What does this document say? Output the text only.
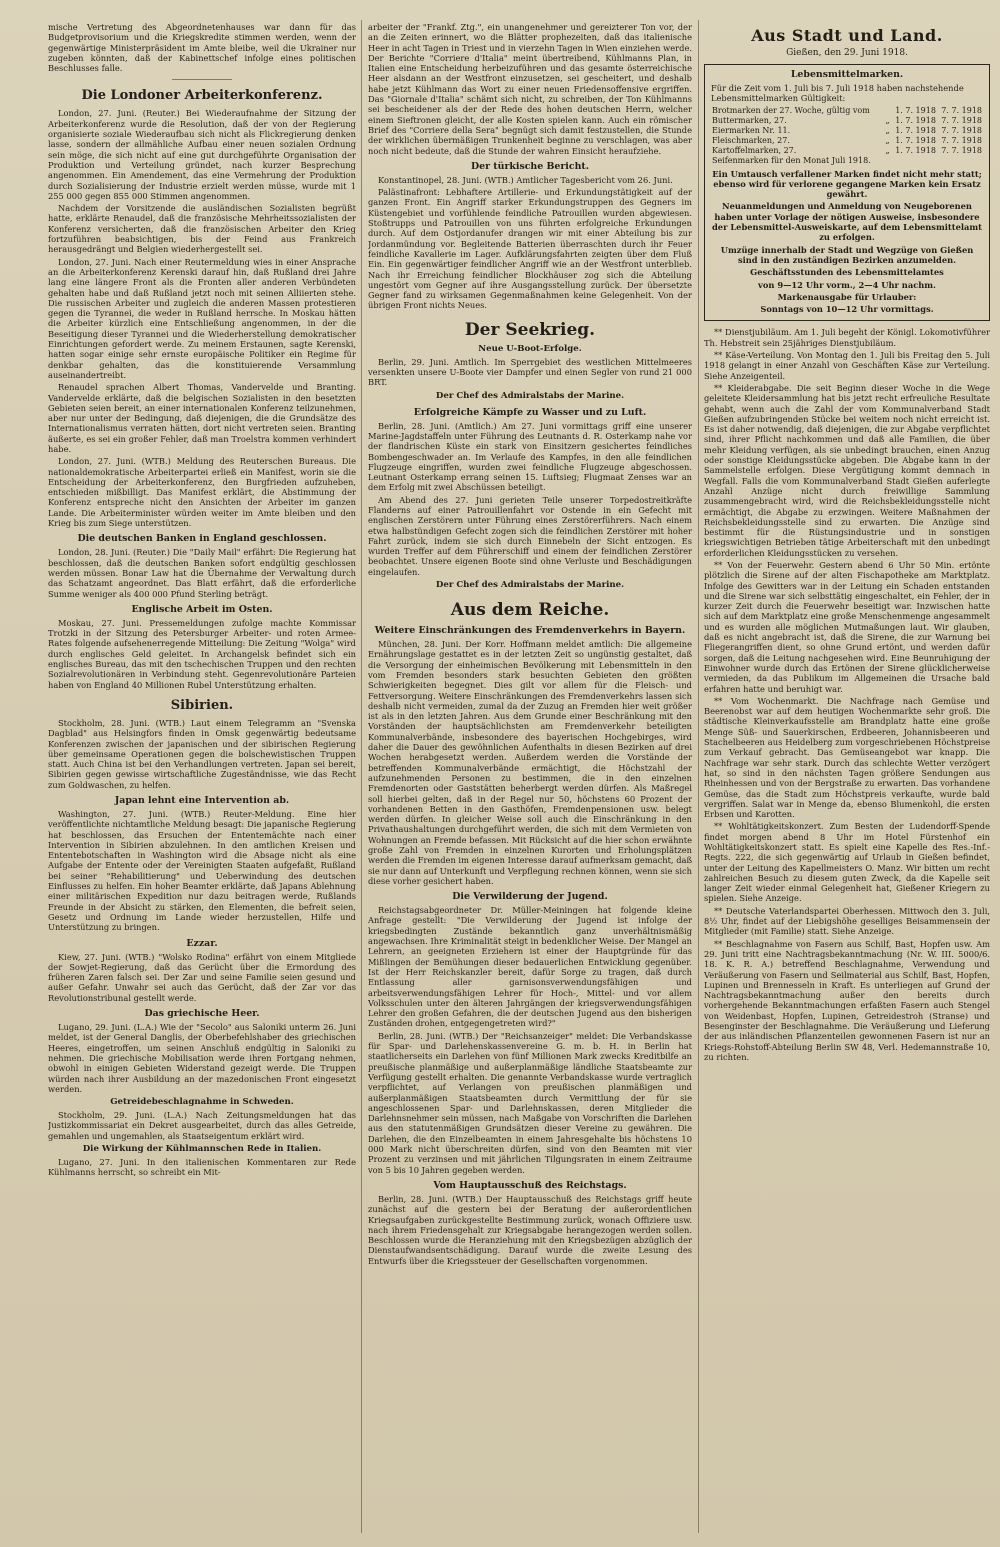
mische Vertretung des Abgeordnetenhauses war dann für das Budgetprovisorium und die Kriegskredite stimmen werden, wenn der gegenwärtige Ministerpräsident im Amte bleibe, weil die Ukrainer nur zugeben könnten, daß der Kabinettschef infolge eines politischen Beschlusses falle.

Die Londoner Arbeiterkonferenz.

London, 27. Juni. (Reuter.) Bei Wiederaufnahme der Sitzung der Arbeiterkonferenz wurde die Resolution, daß der von der Regierung organisierte soziale Wiederaufbau sich nicht als Flickregierung denken lasse, sondern der allmähliche Aufbau einer neuen sozialen Ordnung sein möge, die sich nicht auf eine gut durchgeführte Organisation der Produktion und Verteilung gründet, nach kurzer Besprechung angenommen. Ein Amendement, das eine Vermehrung der Produktion durch Sozialisierung der Industrie erzielt werden müsse, wurde mit 1 255 000 gegen 855 000 Stimmen angenommen.

Nachdem der Vorsitzende die ausländischen Sozialisten begrüßt hatte, erklärte Renaudel, daß die französische Mehrheitssozialisten der Konferenz versicherten, daß die französischen Arbeiter den Krieg fortzuführen beabsichtigen, bis der Feind aus Frankreich herausgedrängt und Belgien wiederhergestellt sei.

London, 27. Juni. Nach einer Reutermeldung wies in einer Ansprache an die Arbeiterkonferenz Kerenski darauf hin, daß Rußland drei Jahre lang eine längere Front als die Fronten aller anderen Verbündeten gehalten habe und daß Rußland jetzt noch mit seinen Alliierten stehe. Die russischen Arbeiter und zugleich die anderen Massen protestieren gegen die Tyrannei, die weder in Rußland herrsche. In Moskau hätten die Arbeiter kürzlich eine Entschließung angenommen, in der die Beseitigung dieser Tyrannei und die Wiederherstellung demokratischer Einrichtungen gefordert werde. Zu meinem Erstaunen, sagte Kerenski, hatten sogar einige sehr ernste europäische Politiker ein Regime für denkbar gehalten, das die konstituierende Versammlung auseinandertreibt.

Renaudel sprachen Albert Thomas, Vandervelde und Branting. Vandervelde erklärte, daß die belgischen Sozialisten in den besetzten Gebieten seien bereit, an einer internationalen Konferenz teilzunehmen, aber nur unter der Bedingung, daß diejenigen, die die Grundsätze des Internationalismus verraten hätten, dort nicht vertreten seien. Branting äußerte, es sei ein großer Fehler, daß man Troelstra kommen verhindert habe.

London, 27. Juni. (WTB.) Meldung des Reuterschen Bureaus. Die nationaldemokratische Arbeiterpartei erließ ein Manifest, worin sie die Entscheidung der Arbeiterkonferenz, den Burgfrieden aufzuheben, entschieden mißbilligt. Das Manifest erklärt, die Abstimmung der Konferenz entspreche nicht den Ansichten der Arbeiter im ganzen Lande. Die Arbeiterminister würden weiter im Amte bleiben und den Krieg bis zum Siege unterstützen.

Die deutschen Banken in England geschlossen.

London, 28. Juni. (Reuter.) Die "Daily Mail" erfährt: Die Regierung hat beschlossen, daß die deutschen Banken sofort endgültig geschlossen werden müssen. Bonar Law hat die Übernahme der Verwaltung durch das Schatzamt angeordnet. Das Blatt erfährt, daß die erforderliche Summe weniger als 400 000 Pfund Sterling beträgt.

Englische Arbeit im Osten.

Moskau, 27. Juni. Pressemeldungen zufolge machte Kommissar Trotzki in der Sitzung des Petersburger Arbeiter- und roten Armee-Rates folgende aufsehenerregende Mitteilung: Die Zeitung "Wolga" wird durch englisches Geld geleitet. In Archangelsk befindet sich ein englisches Bureau, das mit den tschechischen Truppen und den rechten Sozialrevolutionären in Verbindung steht. Gegenrevolutionäre Parteien haben von England 40 Millionen Rubel Unterstützung erhalten.

Sibirien.

Stockholm, 28. Juni. (WTB.) Laut einem Telegramm an "Svenska Dagblad" aus Helsingfors finden in Omsk gegenwärtig bedeutsame Konferenzen zwischen der japanischen und der sibirischen Regierung über gemeinsame Operationen gegen die bolschewistischen Truppen statt. Auch China ist bei den Verhandlungen vertreten. Japan sei bereit, Sibirien gegen gewisse wirtschaftliche Zugeständnisse, wie das Recht zum Goldwaschen, zu helfen.

Japan lehnt eine Intervention ab.

Washington, 27. Juni. (WTB.) Reuter-Meldung. Eine hier veröffentlichte nichtamtliche Meldung besagt: Die japanische Regierung hat beschlossen, das Ersuchen der Ententemächte nach einer Intervention in Sibirien abzulehnen. In den amtlichen Kreisen und Ententebotschaften in Washington wird die Absage nicht als eine Aufgabe der Entente oder der Vereinigten Staaten aufgefaßt, Rußland bei seiner "Rehabilitierung" und Ueberwindung des deutschen Einflusses zu helfen. Ein hoher Beamter erklärte, daß Japans Ablehnung einer militärischen Expedition nur dazu beitragen werde, Rußlands Freunde in der Absicht zu stärken, den Elementen, die befreit seien, Gesetz und Ordnung im Lande wieder herzustellen, Hilfe und Unterstützung zu bringen.

Ezzar.

Kiew, 27. Juni. (WTB.) "Wolsko Rodina" erfährt von einem Mitgliede der Sowjet-Regierung, daß das Gerücht über die Ermordung des früheren Zaren falsch sei. Der Zar und seine Familie seien gesund und außer Gefahr. Unwahr sei auch das Gerücht, daß der Zar vor das Revolutionstribunal gestellt werde.

Das griechische Heer.

Lugano, 29. Juni. (L.A.) Wie der "Secolo" aus Saloniki unterm 26. Juni meldet, ist der General Danglis, der Oberbefehlshaber des griechischen Heeres, eingetroffen, um seinen Anschluß endgültig in Saloniki zu nehmen. Die griechische Mobilisation werde ihren Fortgang nehmen, obwohl in einigen Gebieten Widerstand gezeigt werde. Die Truppen würden nach ihrer Ausbildung an der mazedonischen Front eingesetzt werden.

Getreidebeschlagnahme in Schweden.

Stockholm, 29. Juni. (L.A.) Nach Zeitungsmeldungen hat das Justizkommissariat ein Dekret ausgearbeitet, durch das alles Getreide, gemahlen und ungemahlen, als Staatseigentum erklärt wird.

Die Wirkung der Kühlmannschen Rede in Italien.

Lugano, 27. Juni. In den italienischen Kommentaren zur Rede Kühlmanns herrscht, so schreibt ein Mit-

arbeiter der "Frankf. Ztg.", ein unangenehmer und gereizterer Ton vor, der an die Zeiten erinnert, wo die Blätter prophezeiten, daß das italienische Heer in acht Tagen in Triest und in vierzehn Tagen in Wien einziehen werde. Der Berichte "Corriere d'Italia" meint übertreibend, Kühlmanns Plan, in Italien eine Entscheidung herbeizuführen und das gesamte österreichische Heer alsdann an der Westfront einzusetzen, sei gescheitert, und deshalb habe jetzt Kühlmann das Wort zu einer neuen Friedensoffensive ergriffen. Das "Giornale d'Italia" schämt sich nicht, zu schreiben, der Ton Kühlmanns sei bescheidener als der der Rede des hohen deutschen Herrn, welcher einem Sieftronen gleicht, der alle Kosten spielen kann. Auch ein römischer Brief des "Corriere della Sera" begnügt sich damit festzustellen, die Stunde der wirklichen übermäßigen Trunkenheit beginne zu verschlagen, was aber noch nicht bedeute, daß die Stunde der wahren Einsicht heraufziehe.

Der türkische Bericht.

Konstantinopel, 28. Juni. (WTB.) Amtlicher Tagesbericht vom 26. Juni.

Palästinafront: Lebhaftere Artillerie- und Erkundungstätigkeit auf der ganzen Front. Ein Angriff starker Erkundungstruppen des Gegners im Küstengebiet und vorfühlende feindliche Patrouillen wurden abgewiesen. Stoßtrupps und Patrouillen von uns führten erfolgreiche Erkundungen durch. Auf dem Ostjordanufer drangen wir mit einer Abteilung bis zur Jordanmündung vor. Begleitende Batterien überraschten durch ihr Feuer feindliche Kavallerie im Lager. Aufklärungsfahrten zeigten über dem Fluß Ein. Ein gegenwärtiger feindlicher Angriff wie an der Westfront unterblieb. Nach ihr Erreichung feindlicher Blockhäuser zog sich die Abteilung ungestört vom Gegner auf ihre Ausgangsstellung zurück. Der übersetzte Gegner fand zu wirksamen Gegenmaßnahmen keine Gelegenheit. Von der übrigen Front nichts Neues.

Der Seekrieg.
Neue U-Boot-Erfolge.

Berlin, 29. Juni. Amtlich. Im Sperrgebiet des westlichen Mittelmeeres versenkten unsere U-Boote vier Dampfer und einen Segler von rund 21 000 BRT.

Der Chef des Admiralstabs der Marine.
Erfolgreiche Kämpfe zu Wasser und zu Luft.

Berlin, 28. Juni. (Amtlich.) Am 27. Juni vormittags griff eine unserer Marine-Jagdstaffeln unter Führung des Leutnants d. R. Osterkamp nahe vor der flandrischen Küste ein stark von Einsitzern gesichertes feindliches Bombengeschwader an. Im Verlaufe des Kampfes, in den alle feindlichen Flugzeuge eingriffen, wurden zwei feindliche Flugzeuge abgeschossen. Leutnant Osterkamp errang seinen 15. Luftsieg; Flugmaat Zenses war an dem Erfolg mit zwei Abschüssen beteiligt.

Am Abend des 27. Juni gerieten Teile unserer Torpedostreitkräfte Flanderns auf einer Patrouillenfahrt vor Ostende in ein Gefecht mit englischen Zerstörern unter Führung eines Zerstörerführers. Nach einem etwa halbstündigen Gefecht zogen sich die feindlichen Zerstörer mit hoher Fahrt zurück, indem sie sich durch Einnebeln der Sicht entzogen. Es wurden Treffer auf dem Führerschiff und einem der feindlichen Zerstörer beobachtet. Unsere eigenen Boote sind ohne Verluste und Beschädigungen eingelaufen.

Der Chef des Admiralstabs der Marine.
Aus dem Reiche.
Weitere Einschränkungen des Fremdenverkehrs in Bayern.

München, 28. Juni. Der Korr. Hoffmann meldet amtlich: Die allgemeine Ernährungslage gestattet es in der letzten Zeit so ungünstig gestaltet, daß die Versorgung der einheimischen Bevölkerung mit Lebensmitteln in den vom Fremden besonders stark besuchten Gebieten den größten Schwierigkeiten begegnet. Dies gilt vor allem für die Fleisch- und Fettversorgung. Weitere Einschränkungen des Fremdenverkehrs lassen sich deshalb nicht vermeiden, zumal da der Zuzug an Fremden hier weit größer ist als in den letzten Jahren. Aus dem Grunde einer Beschränkung mit den Vorständen der hauptsächlichsten am Fremdenverkehr beteiligten Kommunalverbände, insbesondere des bayerischen Hochgebirges, wird daher die Dauer des gewöhnlichen Aufenthalts in diesen Bezirken auf drei Wochen herabgesetzt werden. Außerdem werden die Vorstände der betreffenden Kommunalverbände ermächtigt, die Höchstzahl der aufzunehmenden Personen zu bestimmen, die in den einzelnen Fremdenorten oder Gaststätten beherbergt werden dürfen. Als Maßregel soll hierbei gelten, daß in der Regel nur 50, höchstens 60 Prozent der vorhandenen Betten in den Gasthöfen, Fremdenpensionen usw. belegt werden dürfen. In gleicher Weise soll auch die Einschränkung in den Privathaushaltungen durchgeführt werden, die sich mit dem Vermieten von Wohnungen an Fremde befassen. Mit Rücksicht auf die hier schon erwähnte große Zahl von Fremden in einzelnen Kurorten und Erholungsplätzen werden die Fremden im eigenen Interesse darauf aufmerksam gemacht, daß sie nur dann auf Unterkunft und Verpflegung rechnen können, wenn sie sich diese vorher gesichert haben.

Die Verwilderung der Jugend.

Reichstagsabgeordneter Dr. Müller-Meiningen hat folgende kleine Anfrage gestellt: "Die Verwilderung der Jugend ist infolge der kriegsbedingten Zustände bekanntlich ganz unverhältnismäßig angewachsen. Ihre Kriminalität steigt in bedenklicher Weise. Der Mangel an Lehrern, an geeigneten Erziehern ist einer der Hauptgründe für das Mißlingen der Bemühungen dieser bedauerlichen Entwicklung gegenüber. Ist der Herr Reichskanzler bereit, dafür Sorge zu tragen, daß durch Entlassung aller garnisonsverwendungsfähigen und arbeitsverwendungsfähigen Lehrer für Hoch-, Mittel- und vor allem Volksschulen unter den älteren Jahrgängen der kriegsverwendungsfähigen Lehrer den großen Gefahren, die der deutschen Jugend aus den bisherigen Zuständen drohen, entgegengetreten wird?"

Berlin, 28. Juni. (WTB.) Der "Reichsanzeiger" meldet: Die Verbandskasse für Spar- und Darlehenskassenvereine G. m. b. H. in Berlin hat staatlicherseits ein Darlehen von fünf Millionen Mark zwecks Kreditbilfe an preußische planmäßige und außerplanmäßige ländliche Staatsbeamte zur Verfügung gestellt erhalten. Die genannte Verbandskasse wurde vertraglich verpflichtet, auf Verlangen von preußischen planmäßigen und außerplanmäßigen Staatsbeamten durch Vermittlung der für sie angeschlossenen Spar- und Darlehnskassen, deren Mitglieder die Darlehnsnehmer sein müssen, nach Maßgabe von Vorschriften die Darlehen aus den statutenmäßigen Grundsätzen dieser Vereine zu gewähren. Die Darlehen, die den Einzelbeamten in einem Jahresgehalte bis höchstens 10 000 Mark nicht überschreiten dürfen, sind von den Beamten mit vier Prozent zu verzinsen und mit jährlichen Tilgungsraten in einem Zeitraume von 5 bis 10 Jahren gegeben werden.

Vom Hauptausschuß des Reichstags.

Berlin, 28. Juni. (WTB.) Der Hauptausschuß des Reichstags griff heute zunächst auf die gestern bei der Beratung der außerordentlichen Kriegsaufgaben zurückgestellte Bestimmung zurück, wonach Offiziere usw. nach ihrem Friedensgehalt zur Kriegsabgabe herangezogen werden sollen. Beschlossen wurde die Heranziehung mit den Kriegsbezügen abzüglich der Dienstaufwandsentschädigung. Darauf wurde die zweite Lesung des Entwurfs über die Kriegssteuer der Gesellschaften vorgenommen.

Aus Stadt und Land.
Gießen, den 29. Juni 1918.
Lebensmittelmarken.

Für die Zeit vom 1. Juli bis 7. Juli 1918 haben nachstehende Lebensmittelmarken Gültigkeit:

Brotmarken der 27. Woche, gültig vom		1. 7. 1918	7. 7. 1918
Buttermarken, 27.	„	1. 7. 1918	7. 7. 1918
Eiermarken Nr. 11.	„	1. 7. 1918	7. 7. 1918
Fleischmarken, 27.	„	1. 7. 1918	7. 7. 1918
Kartoffelmarken, 27.	„	1. 7. 1918	7. 7. 1918
Seifenmarken für den Monat Juli 1918.			

Ein Umtausch verfallener Marken findet nicht mehr statt; ebenso wird für verlorene gegangene Marken kein Ersatz gewährt.

Neuanmeldungen und Anmeldung von Neugeborenen haben unter Vorlage der nötigen Ausweise, insbesondere der Lebensmittel-Ausweiskarte, auf dem Lebensmittelamt zu erfolgen.

Umzüge innerhalb der Stadt und Wegzüge von Gießen sind in den zuständigen Bezirken anzumelden.

Geschäftsstunden des Lebensmittelamtes

von 9—12 Uhr vorm., 2—4 Uhr nachm.

Markenausgabe für Urlauber:

Sonntags von 10—12 Uhr vormittags.

** Dienstjubiläum. Am 1. Juli begeht der Königl. Lokomotivführer Th. Hebstreit sein 25jähriges Dienstjubiläum.

** Käse-Verteilung. Von Montag den 1. Juli bis Freitag den 5. Juli 1918 gelangt in einer Anzahl von Geschäften Käse zur Verteilung. Siehe Anzeigenteil.

** Kleiderabgabe. Die seit Beginn dieser Woche in die Wege geleitete Kleidersammlung hat bis jetzt recht erfreuliche Resultate gehabt, wenn auch die Zahl der vom Kommunalverband Stadt Gießen aufzubringenden Stücke bei weitem noch nicht erreicht ist. Es ist daher notwendig, daß diejenigen, die zur Abgabe verpflichtet sind, ihrer Pflicht nachkommen und daß alle Familien, die über mehr Kleidung verfügen, als sie unbedingt brauchen, einen Anzug oder sonstige Kleidungsstücke abgeben. Die Abgabe kann in der Sammelstelle erfolgen. Diese Vergütigung kommt demnach in Wegfall. Falls die vom Kommunalverband Stadt Gießen auferlegte Anzahl Anzüge nicht durch freiwillige Sammlung zusammengebracht wird, wird die Reichsbekleidungsstelle nicht ermächtigt, die Abgabe zu erzwingen. Weitere Maßnahmen der Reichsbekleidungsstelle sind zu erwarten. Die Anzüge sind bestimmt für die Rüstungsindustrie und in sonstigen kriegswichtigen Betrieben tätige Arbeiterschaft mit den unbedingt erforderlichen Kleidungsstücken zu versehen.

** Von der Feuerwehr. Gestern abend 6 Uhr 50 Min. ertönte plötzlich die Sirene auf der alten Fischapotheke am Marktplatz. Infolge des Gewitters war in der Leitung ein Schaden entstanden und die Sirene war sich selbsttätig eingeschaltet, ein Fehler, der in kurzer Zeit durch die Feuerwehr beseitigt war. Inzwischen hatte sich auf dem Marktplatz eine große Menschenmenge angesammelt und es wurden alle möglichen Mutmaßungen laut. Wir glauben, daß es nicht angebracht ist, daß die Sirene, die zur Warnung bei Fliegerangriffen dient, so ohne Grund ertönt, und werden dafür sorgen, daß die Leitung nachgesehen wird. Eine Beunruhigung der Einwohner wurde durch das Ertönen der Sirene glücklicherweise vermieden, da das Publikum im Allgemeinen die Ursache bald erfahren hatte und beruhigt war.

** Vom Wochenmarkt. Die Nachfrage nach Gemüse und Beerenobst war auf dem heutigen Wochenmarkte sehr groß. Die städtische Kleinverkaufsstelle am Brandplatz hatte eine große Menge Süß- und Sauerkirschen, Erdbeeren, Johannisbeeren und Stachelbeeren aus Heidelberg zum vorgeschriebenen Höchstpreise zum Verkauf gebracht. Das Gemüseangebot war knapp. Die Nachfrage war sehr stark. Durch das schlechte Wetter verzögert hat, so sind in den nächsten Tagen größere Sendungen aus Rheinhessen und von der Bergstraße zu erwarten. Das vorhandene Gemüse, das die Stadt zum Höchstpreis verkaufte, wurde bald vergriffen. Salat war in Menge da, ebenso Blumenkohl, die ersten Erbsen und Karotten.

** Wohltätigkeitskonzert. Zum Besten der Ludendorff-Spende findet morgen abend 8 Uhr im Hotel Fürstenhof ein Wohltätigkeitskonzert statt. Es spielt eine Kapelle des Res.-Inf.-Regts. 222, die sich gegenwärtig auf Urlaub in Gießen befindet, unter der Leitung des Kapellmeisters O. Manz. Wir bitten um recht zahlreichen Besuch zu diesem guten Zweck, da die Kapelle seit langer Zeit wieder einmal Gelegenheit hat, Gießener Kriegern zu spielen. Siehe Anzeige.

** Deutsche Vaterlandspartei Oberhessen. Mittwoch den 3. Juli, 8½ Uhr, findet auf der Liebigshöhe geselliges Beisammensein der Mitglieder (mit Familie) statt. Siehe Anzeige.

** Beschlagnahme von Fasern aus Schilf, Bast, Hopfen usw. Am 29. Juni tritt eine Nachtragsbekanntmachung (Nr. W. III. 5000/6. 18. K. R. A.) betreffend Beschlagnahme, Verwendung und Veräußerung von Fasern und Seilmaterial aus Schilf, Bast, Hopfen, Lupinen und Brennesseln in Kraft. Es unterliegen auf Grund der Nachtragsbekanntmachung außer den bereits durch vorhergehende Bekanntmachungen erfaßten Fasern auch Stengel von Weidenbast, Hopfen, Lupinen, Getreidestroh (Stranse) und Besenginster der Beschlagnahme. Die Veräußerung und Lieferung der aus inländischen Pflanzenteilen gewonnenen Fasern ist nur an Kriegs-Rohstoff-Abteilung Berlin SW 48, Verl. Hedemannstraße 10, zu richten.
